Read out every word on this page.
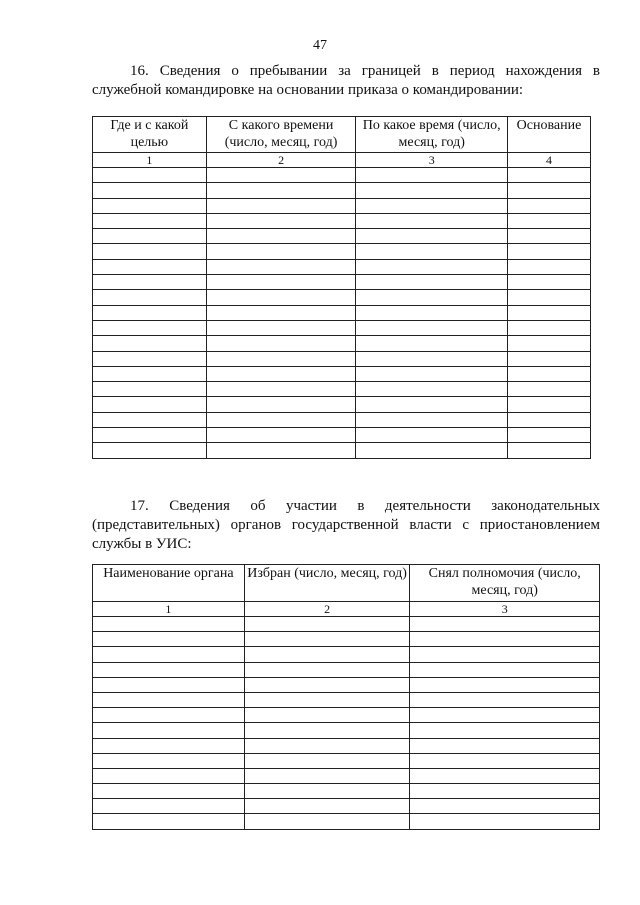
47
16. Сведения о пребывании за границей в период нахождения в служебной командировке на основании приказа о командировании:
Где и с какой целью	С какого времени (число, месяц, год)	По какое время (число, месяц, год)	Основание
1	2	3	4

17. Сведения об участии в деятельности законодательных (представительных) органов государственной власти с приостановлением службы в УИС:
Наименование органа	Избран (число, месяц, год)	Снял полномочия (число, месяц, год)
1	2	3
